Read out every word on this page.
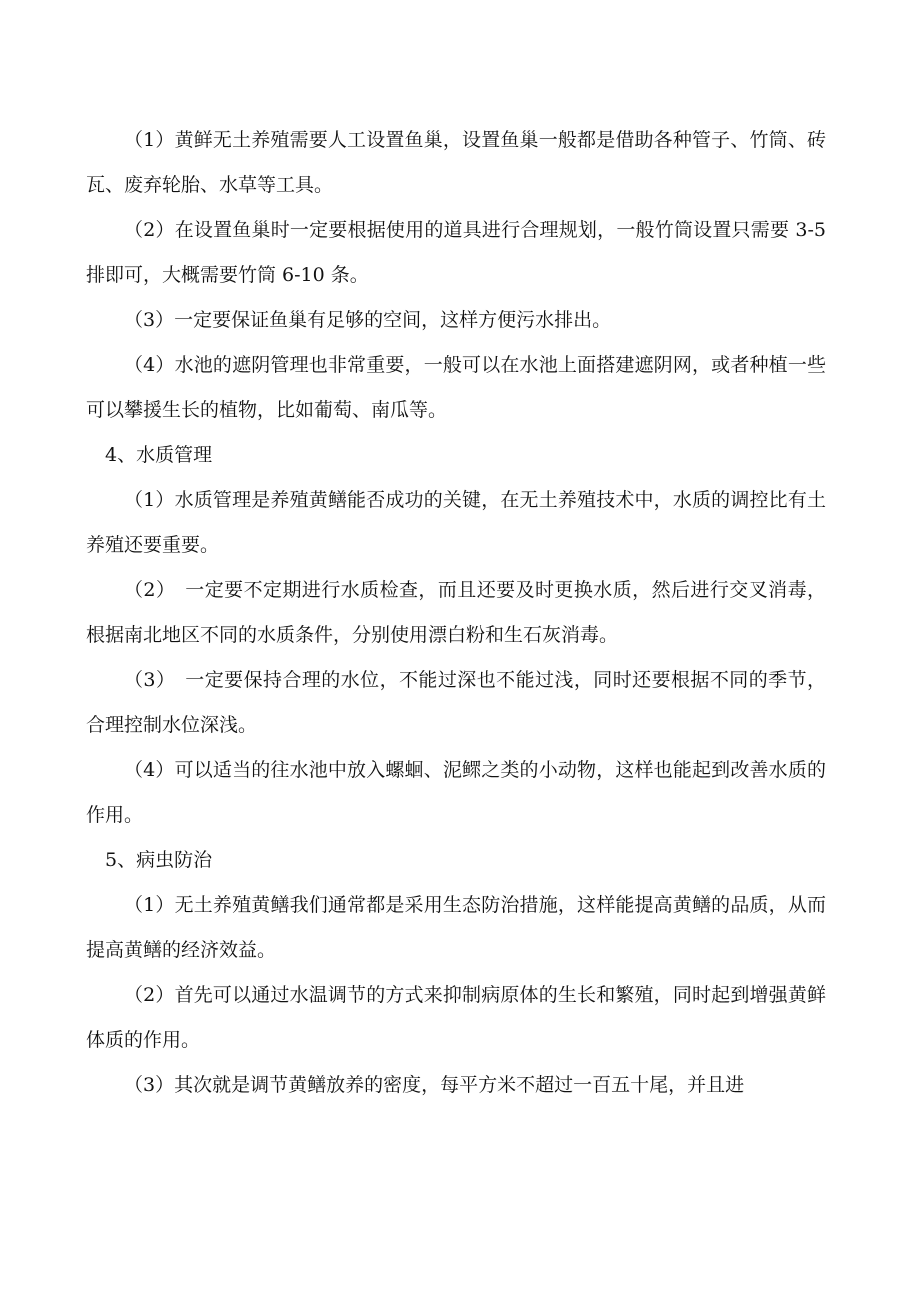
（1）黄鲜无土养殖需要人工设置鱼巢，设置鱼巢一般都是借助各种管子、竹筒、砖瓦、废弃轮胎、水草等工具。

（2）在设置鱼巢时一定要根据使用的道具进行合理规划，一般竹筒设置只需要 3-5 排即可，大概需要竹筒 6-10 条。

（3）一定要保证鱼巢有足够的空间，这样方便污水排出。

（4）水池的遮阴管理也非常重要，一般可以在水池上面搭建遮阴网，或者种植一些可以攀援生长的植物，比如葡萄、南瓜等。

4、水质管理

（1）水质管理是养殖黄鳝能否成功的关键，在无土养殖技术中，水质的调控比有土养殖还要重要。

（2）　一定要不定期进行水质检查，而且还要及时更换水质，然后进行交叉消毒，根据南北地区不同的水质条件，分别使用漂白粉和生石灰消毒。

（3）　一定要保持合理的水位，不能过深也不能过浅，同时还要根据不同的季节，合理控制水位深浅。

（4）可以适当的往水池中放入螺蛔、泥鳏之类的小动物，这样也能起到改善水质的作用。

5、病虫防治

（1）无土养殖黄鳝我们通常都是采用生态防治措施，这样能提高黄鳝的品质，从而提高黄鳝的经济效益。

（2）首先可以通过水温调节的方式来抑制病原体的生长和繁殖，同时起到增强黄鲜体质的作用。

（3）其次就是调节黄鳝放养的密度，每平方米不超过一百五十尾，并且进
